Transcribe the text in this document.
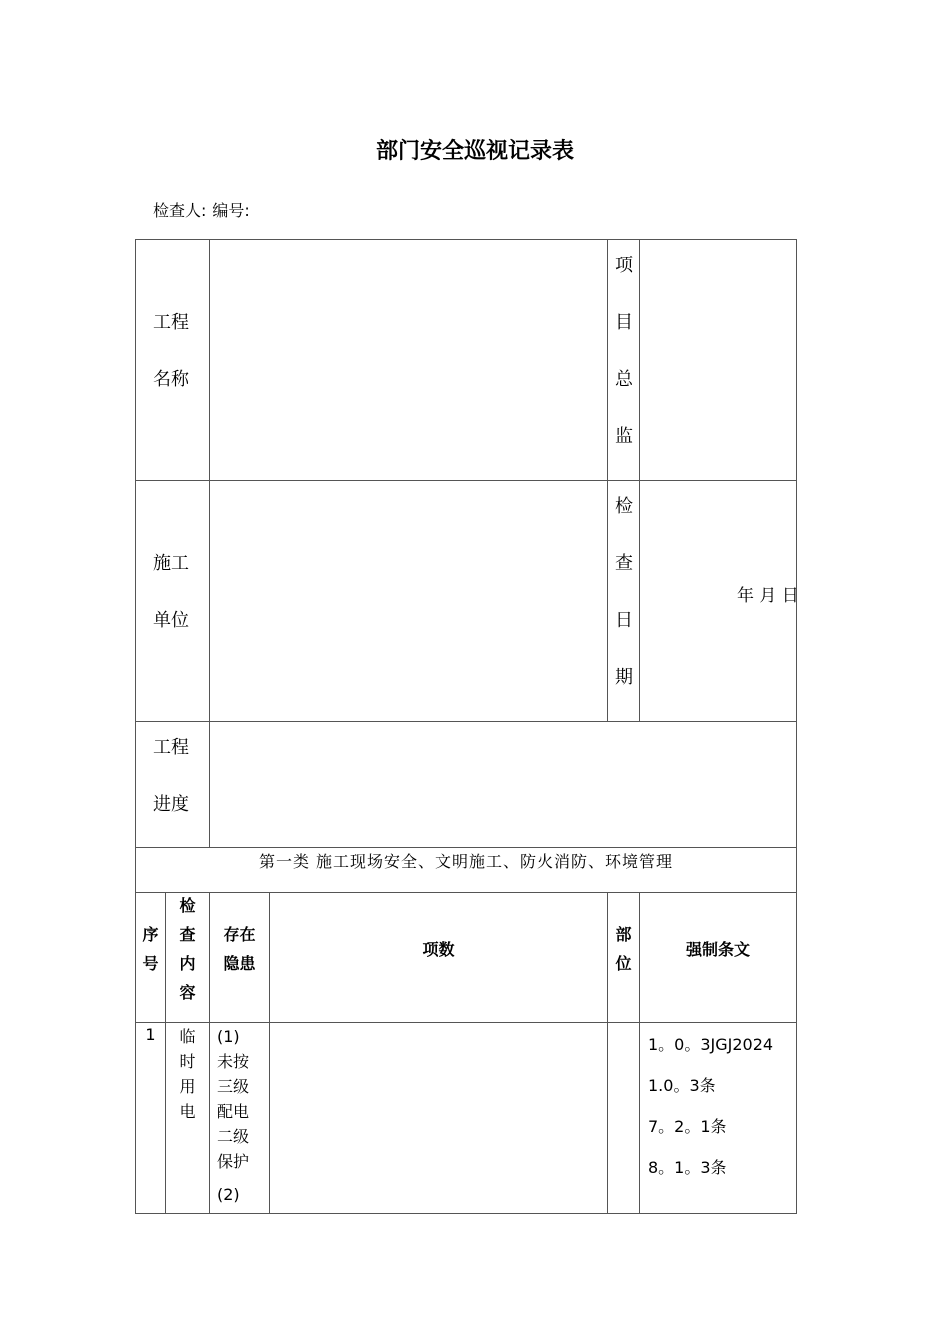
部门安全巡视记录表
检查人: 编号:
工程
名称
项
目
总
监
施工
单位
检
查
日
期
年 月 日
工程
进度
第一类 施工现场安全、文明施工、防火消防、环境管理
序
号
检
查
内
容
存在
隐患
项数
部
位
强制条文
1	临
时
用
电
(1)
未按
三级
配电
二级
保护
(2)
1。0。3JGJ2024
1.0。3条
7。2。1条
8。1。3条
